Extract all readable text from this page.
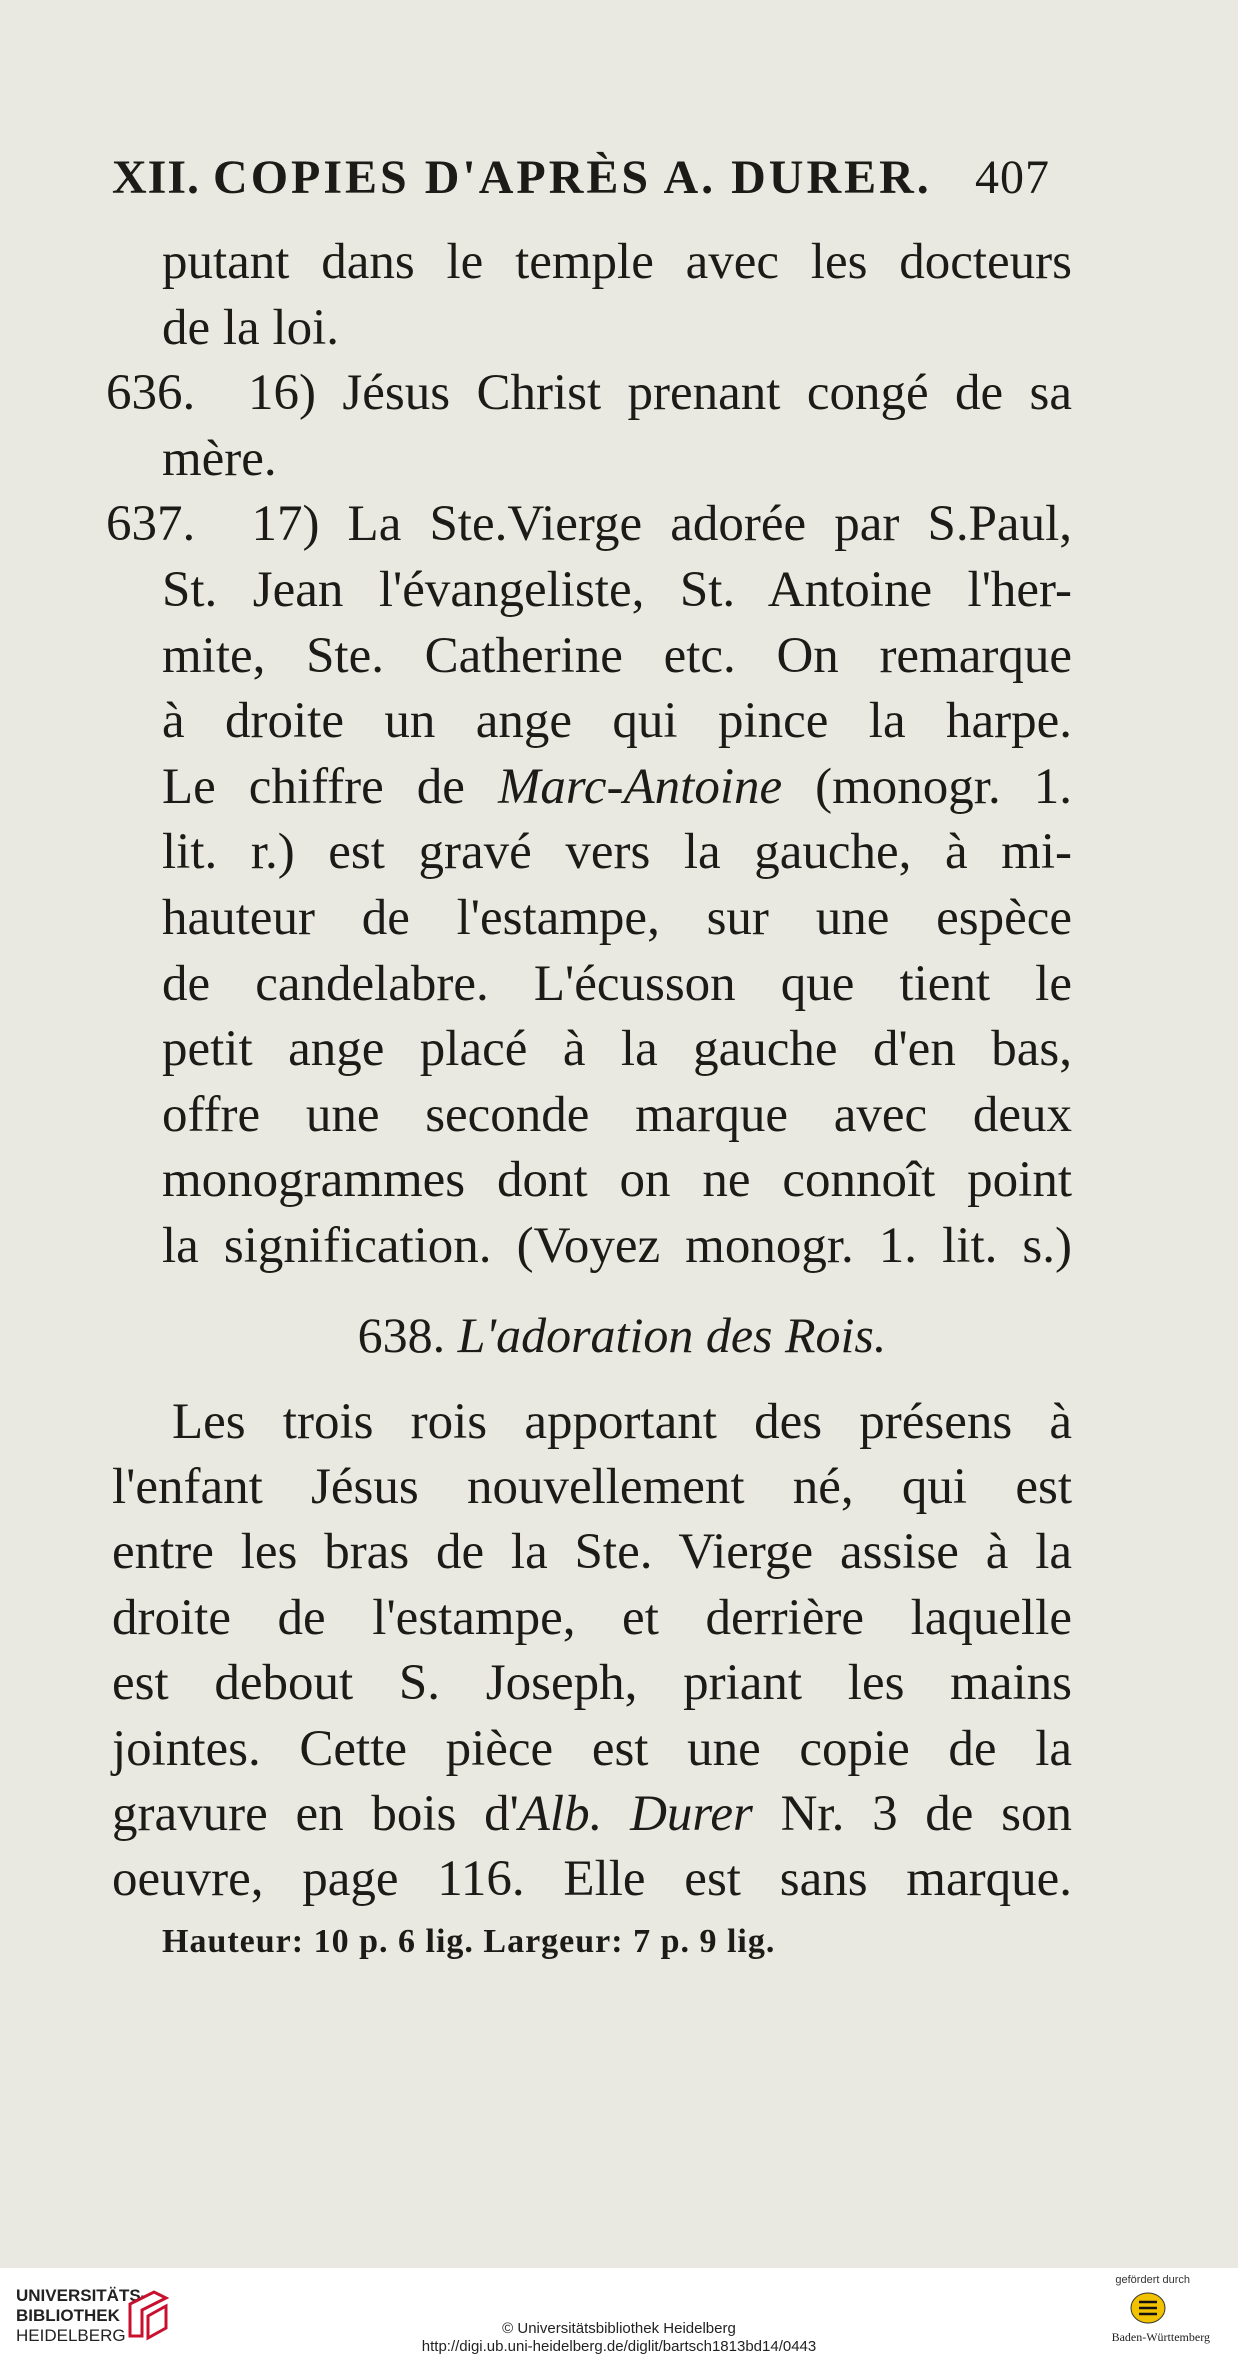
XII. COPIES D'APRÈS A. DURER. 407
putant dans le temple avec les docteurs
de la loi.
636.  16) Jésus Christ prenant congé de sa
mère.
637.  17) La Ste.Vierge adorée par S.Paul,
St. Jean l'évangeliste, St. Antoine l'her-
mite, Ste. Catherine etc. On remarque
à droite un ange qui pince la harpe.
Le chiffre de Marc-Antoine (monogr. 1.
lit. r.) est gravé vers la gauche, à mi-
hauteur de l'estampe, sur une espèce
de candelabre. L'écusson que tient le
petit ange placé à la gauche d'en bas,
offre une seconde marque avec deux
monogrammes dont on ne connoît point
la signification. (Voyez monogr. 1. lit. s.)
638. L'adoration des Rois.
Les trois rois apportant des présens à
l'enfant Jésus nouvellement né, qui est
entre les bras de la Ste. Vierge assise à la
droite de l'estampe, et derrière laquelle
est debout S. Joseph, priant les mains
jointes. Cette pièce est une copie de la
gravure en bois d'Alb. Durer Nr. 3 de son
oeuvre, page 116. Elle est sans marque.
Hauteur: 10 p. 6 lig. Largeur: 7 p. 9 lig.
UNIVERSITÄTS-
BIBLIOTHEK
HEIDELBERG	© Universitätsbibliothek Heidelberg
http://digi.ub.uni-heidelberg.de/diglit/bartsch1813bd14/0443
gefördert durch
Baden-Württemberg
